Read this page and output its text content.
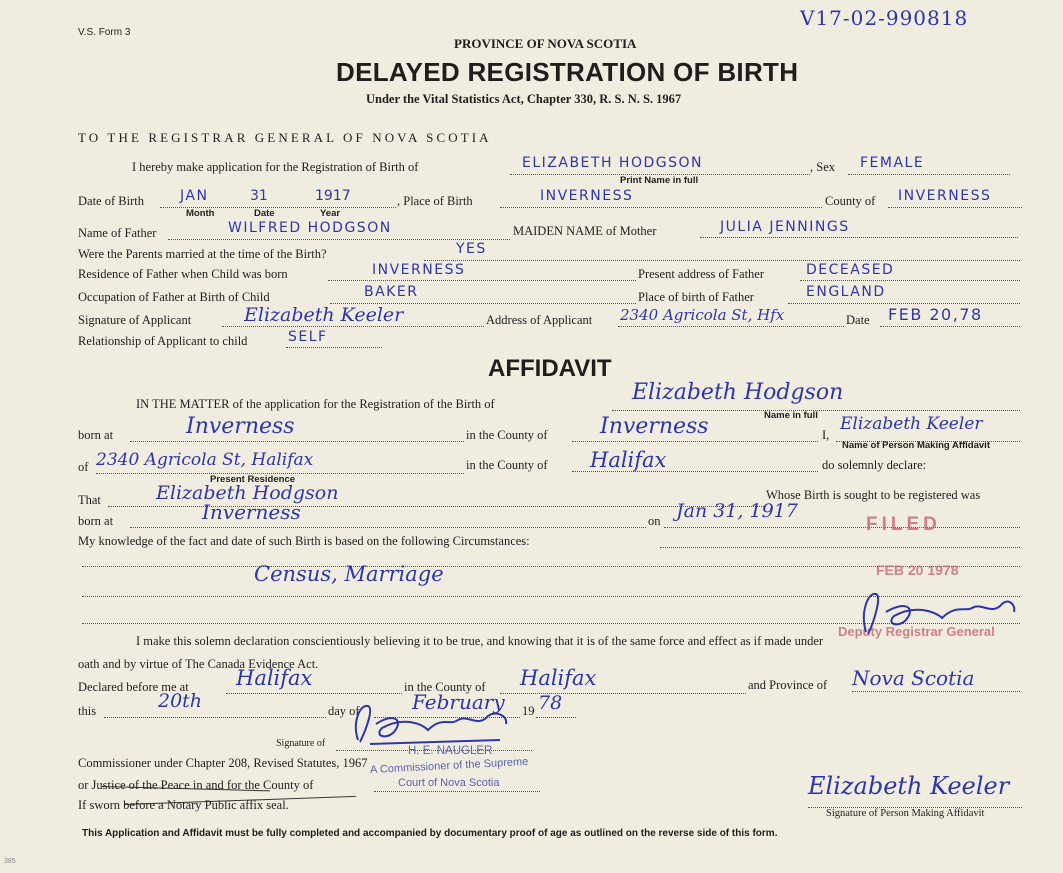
V.S. Form 3
V17-02-990818
PROVINCE OF NOVA SCOTIA
DELAYED REGISTRATION OF BIRTH
Under the Vital Statistics Act, Chapter 330, R. S. N. S. 1967
TO THE REGISTRAR GENERAL OF NOVA SCOTIA
I hereby make application for the Registration of Birth of	ELIZABETH HODGSON
Print Name in full
, Sex FEMALE
Date of Birth	JAN	31	1917
Month	Date	Year
, Place of Birth	INVERNESS	County of INVERNESS
Name of Father	WILFRED HODGSON	MAIDEN NAME of Mother	JULIA JENNINGS
Were the Parents married at the time of the Birth?	YES
Residence of Father when Child was born	INVERNESS	Present address of Father	DECEASED
Occupation of Father at Birth of Child	BAKER	Place of birth of Father	ENGLAND
Signature of Applicant	Elizabeth Keeler	Address of Applicant 2340 Agricola St, Hfx	Date FEB 20,78
Relationship of Applicant to child	SELF
AFFIDAVIT
IN THE MATTER of the application for the Registration of the Birth of	Elizabeth Hodgson
Name in full
born at	Inverness	in the County of Inverness	I,
Elizabeth Keeler
Name of Person Making Affidavit
of 2340 Agricola St, Halifax
Present Residence
in the County of Halifax	do solemnly declare:
That	Elizabeth Hodgson	Whose Birth is sought to be registered was
born at	Inverness	on Jan 31, 1917
My knowledge of the fact and date of such Birth is based on the following Circumstances:
Census, Marriage
FILED
FEB 20 1978
Deputy Registrar General
I make this solemn declaration conscientiously believing it to be true, and knowing that it is of the same force and effect as if made under
oath and by virtue of The Canada Evidence Act.
Declared before me at Halifax	in the County of Halifax	and Province of Nova Scotia
this	20th	day of	February 19 78
Signature of
H. E. NAUGLER
A Commissioner of the Supreme
Court of Nova Scotia
Commissioner under Chapter 208, Revised Statutes, 1967
or Justice of the Peace in and for the County of
If sworn before a Notary Public affix seal.
Elizabeth Keeler
Signature of Person Making Affidavit
This Application and Affidavit must be fully completed and accompanied by documentary proof of age as outlined on the reverse side of this form.
385
